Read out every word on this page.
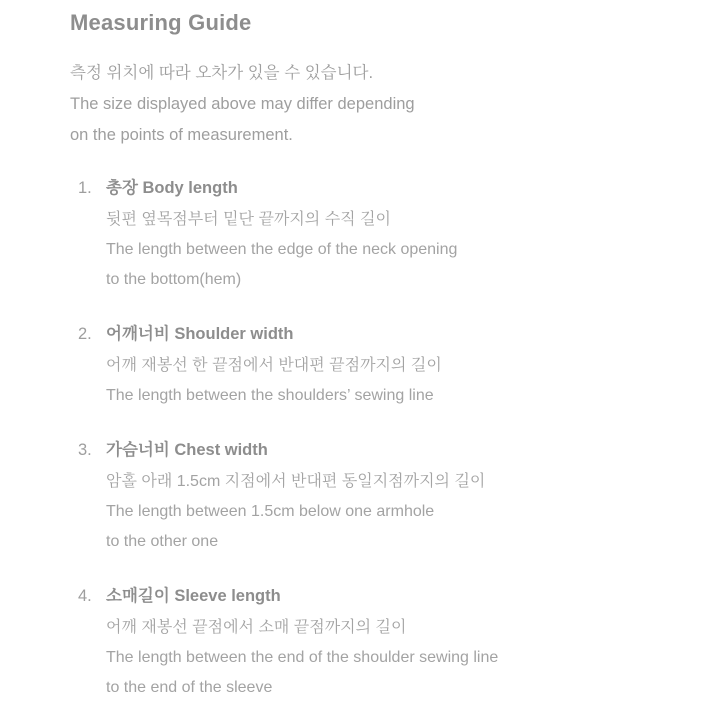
Measuring Guide
측정 위치에 따라 오차가 있을 수 있습니다.
The size displayed above may differ depending
on the points of measurement.
1. 총장 Body length
뒷편 옆목점부터 밑단 끝까지의 수직 길이
The length between the edge of the neck opening
to the bottom(hem)
2. 어깨너비 Shoulder width
어깨 재봉선 한 끝점에서 반대편 끝점까지의 길이
The length between the shoulders’ sewing line
3. 가슴너비 Chest width
암홀 아래 1.5cm 지점에서 반대편 동일지점까지의 길이
The length between 1.5cm below one armhole
to the other one
4. 소매길이 Sleeve length
어깨 재봉선 끝점에서 소매 끝점까지의 길이
The length between the end of the shoulder sewing line
to the end of the sleeve
